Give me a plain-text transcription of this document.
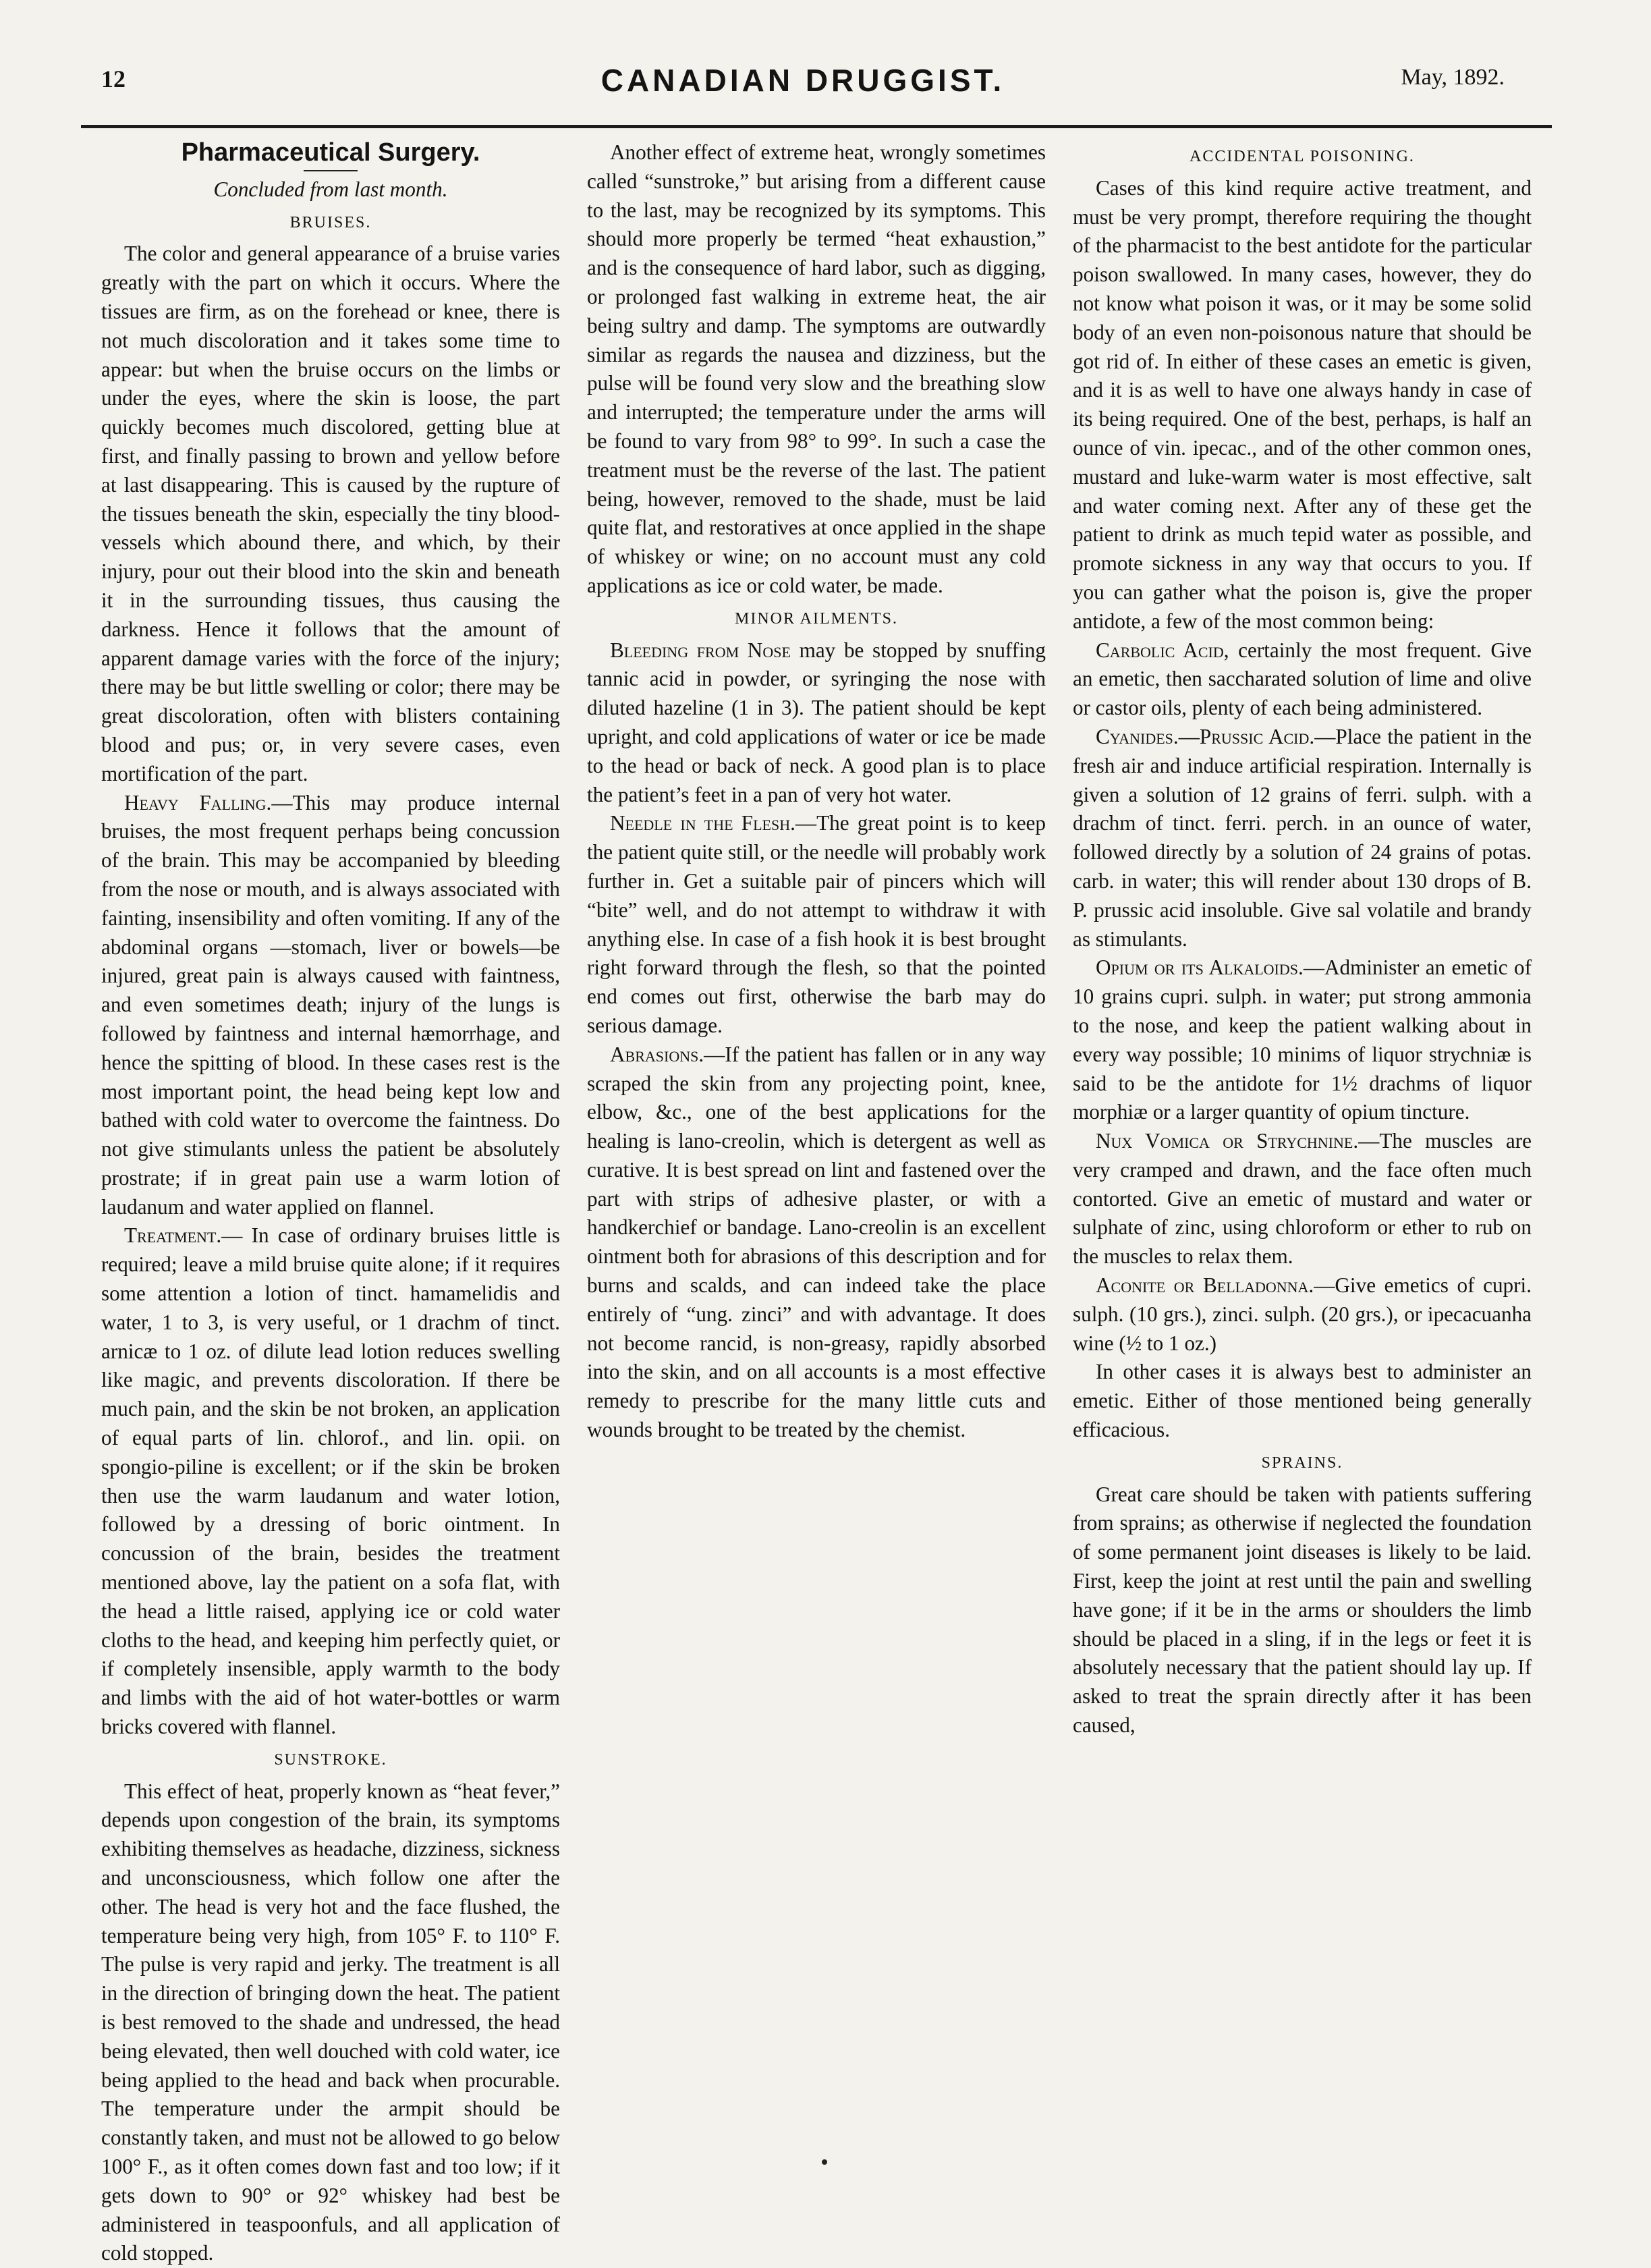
12	CANADIAN DRUGGIST.	May, 1892.
Pharmaceutical Surgery.

Concluded from last month.

BRUISES.

The color and general appearance of a bruise varies greatly with the part on which it occurs. Where the tissues are firm, as on the forehead or knee, there is not much discoloration and it takes some time to appear: but when the bruise occurs on the limbs or under the eyes, where the skin is loose, the part quickly becomes much discolored, getting blue at first, and finally passing to brown and yellow before at last disappearing. This is caused by the rupture of the tissues beneath the skin, especially the tiny blood-vessels which abound there, and which, by their injury, pour out their blood into the skin and beneath it in the surrounding tissues, thus causing the darkness. Hence it follows that the amount of apparent damage varies with the force of the injury; there may be but little swelling or color; there may be great discoloration, often with blisters containing blood and pus; or, in very severe cases, even mortification of the part.

Heavy Falling.—This may produce internal bruises, the most frequent perhaps being concussion of the brain. This may be accompanied by bleeding from the nose or mouth, and is always associated with fainting, insensibility and often vomiting. If any of the abdominal organs —stomach, liver or bowels—be injured, great pain is always caused with faintness, and even sometimes death; injury of the lungs is followed by faintness and internal hæmorrhage, and hence the spitting of blood. In these cases rest is the most important point, the head being kept low and bathed with cold water to overcome the faintness. Do not give stimulants unless the patient be absolutely prostrate; if in great pain use a warm lotion of laudanum and water applied on flannel.

Treatment.— In case of ordinary bruises little is required; leave a mild bruise quite alone; if it requires some attention a lotion of tinct. hamamelidis and water, 1 to 3, is very useful, or 1 drachm of tinct. arnicæ to 1 oz. of dilute lead lotion reduces swelling like magic, and prevents discoloration. If there be much pain, and the skin be not broken, an application of equal parts of lin. chlorof., and lin. opii. on spongio-piline is excellent; or if the skin be broken then use the warm laudanum and water lotion, followed by a dressing of boric ointment. In concussion of the brain, besides the treatment mentioned above, lay the patient on a sofa flat, with the head a little raised, applying ice or cold water cloths to the head, and keeping him perfectly quiet, or if completely insensible, apply warmth to the body and limbs with the aid of hot water-bottles or warm bricks covered with flannel.

SUNSTROKE.

This effect of heat, properly known as “heat fever,” depends upon congestion of the brain, its symptoms exhibiting themselves as headache, dizziness, sickness and unconsciousness, which follow one after the other. The head is very hot and the face flushed, the temperature being very high, from 105° F. to 110° F. The pulse is very rapid and jerky. The treatment is all in the direction of bringing down the heat. The patient is best removed to the shade and undressed, the head being elevated, then well douched with cold water, ice being applied to the head and back when procurable. The temperature under the armpit should be constantly taken, and must not be allowed to go below 100° F., as it often comes down fast and too low; if it gets down to 90° or 92° whiskey had best be administered in teaspoonfuls, and all application of cold stopped.

Another effect of extreme heat, wrongly sometimes called “sunstroke,” but arising from a different cause to the last, may be recognized by its symptoms. This should more properly be termed “heat exhaustion,” and is the consequence of hard labor, such as digging, or prolonged fast walking in extreme heat, the air being sultry and damp. The symptoms are outwardly similar as regards the nausea and dizziness, but the pulse will be found very slow and the breathing slow and interrupted; the temperature under the arms will be found to vary from 98° to 99°. In such a case the treatment must be the reverse of the last. The patient being, however, removed to the shade, must be laid quite flat, and restoratives at once applied in the shape of whiskey or wine; on no account must any cold applications as ice or cold water, be made.

MINOR AILMENTS.

Bleeding from Nose may be stopped by snuffing tannic acid in powder, or syringing the nose with diluted hazeline (1 in 3). The patient should be kept upright, and cold applications of water or ice be made to the head or back of neck. A good plan is to place the patient’s feet in a pan of very hot water.

Needle in the Flesh.—The great point is to keep the patient quite still, or the needle will probably work further in. Get a suitable pair of pincers which will “bite” well, and do not attempt to withdraw it with anything else. In case of a fish hook it is best brought right forward through the flesh, so that the pointed end comes out first, otherwise the barb may do serious damage.

Abrasions.—If the patient has fallen or in any way scraped the skin from any projecting point, knee, elbow, &c., one of the best applications for the healing is lano-creolin, which is detergent as well as curative. It is best spread on lint and fastened over the part with strips of adhesive plaster, or with a handkerchief or bandage. Lano-creolin is an excellent ointment both for abrasions of this description and for burns and scalds, and can indeed take the place entirely of “ung. zinci” and with advantage. It does not become rancid, is non-greasy, rapidly absorbed into the skin, and on all accounts is a most effective remedy to prescribe for the many little cuts and wounds brought to be treated by the chemist.

ACCIDENTAL POISONING.

Cases of this kind require active treatment, and must be very prompt, therefore requiring the thought of the pharmacist to the best antidote for the particular poison swallowed. In many cases, however, they do not know what poison it was, or it may be some solid body of an even non-poisonous nature that should be got rid of. In either of these cases an emetic is given, and it is as well to have one always handy in case of its being required. One of the best, perhaps, is half an ounce of vin. ipecac., and of the other common ones, mustard and luke-warm water is most effective, salt and water coming next. After any of these get the patient to drink as much tepid water as possible, and promote sickness in any way that occurs to you. If you can gather what the poison is, give the proper antidote, a few of the most common being:

Carbolic Acid, certainly the most frequent. Give an emetic, then saccharated solution of lime and olive or castor oils, plenty of each being administered.

Cyanides.—Prussic Acid.—Place the patient in the fresh air and induce artificial respiration. Internally is given a solution of 12 grains of ferri. sulph. with a drachm of tinct. ferri. perch. in an ounce of water, followed directly by a solution of 24 grains of potas. carb. in water; this will render about 130 drops of B. P. prussic acid insoluble. Give sal volatile and brandy as stimulants.

Opium or its Alkaloids.—Administer an emetic of 10 grains cupri. sulph. in water; put strong ammonia to the nose, and keep the patient walking about in every way possible; 10 minims of liquor strychniæ is said to be the antidote for 1½ drachms of liquor morphiæ or a larger quantity of opium tincture.

Nux Vomica or Strychnine.—The muscles are very cramped and drawn, and the face often much contorted. Give an emetic of mustard and water or sulphate of zinc, using chloroform or ether to rub on the muscles to relax them.

Aconite or Belladonna.—Give emetics of cupri. sulph. (10 grs.), zinci. sulph. (20 grs.), or ipecacuanha wine (½ to 1 oz.)

In other cases it is always best to administer an emetic. Either of those mentioned being generally efficacious.

SPRAINS.

Great care should be taken with patients suffering from sprains; as otherwise if neglected the foundation of some permanent joint diseases is likely to be laid. First, keep the joint at rest until the pain and swelling have gone; if it be in the arms or shoulders the limb should be placed in a sling, if in the legs or feet it is absolutely necessary that the patient should lay up. If asked to treat the sprain directly after it has been caused,
